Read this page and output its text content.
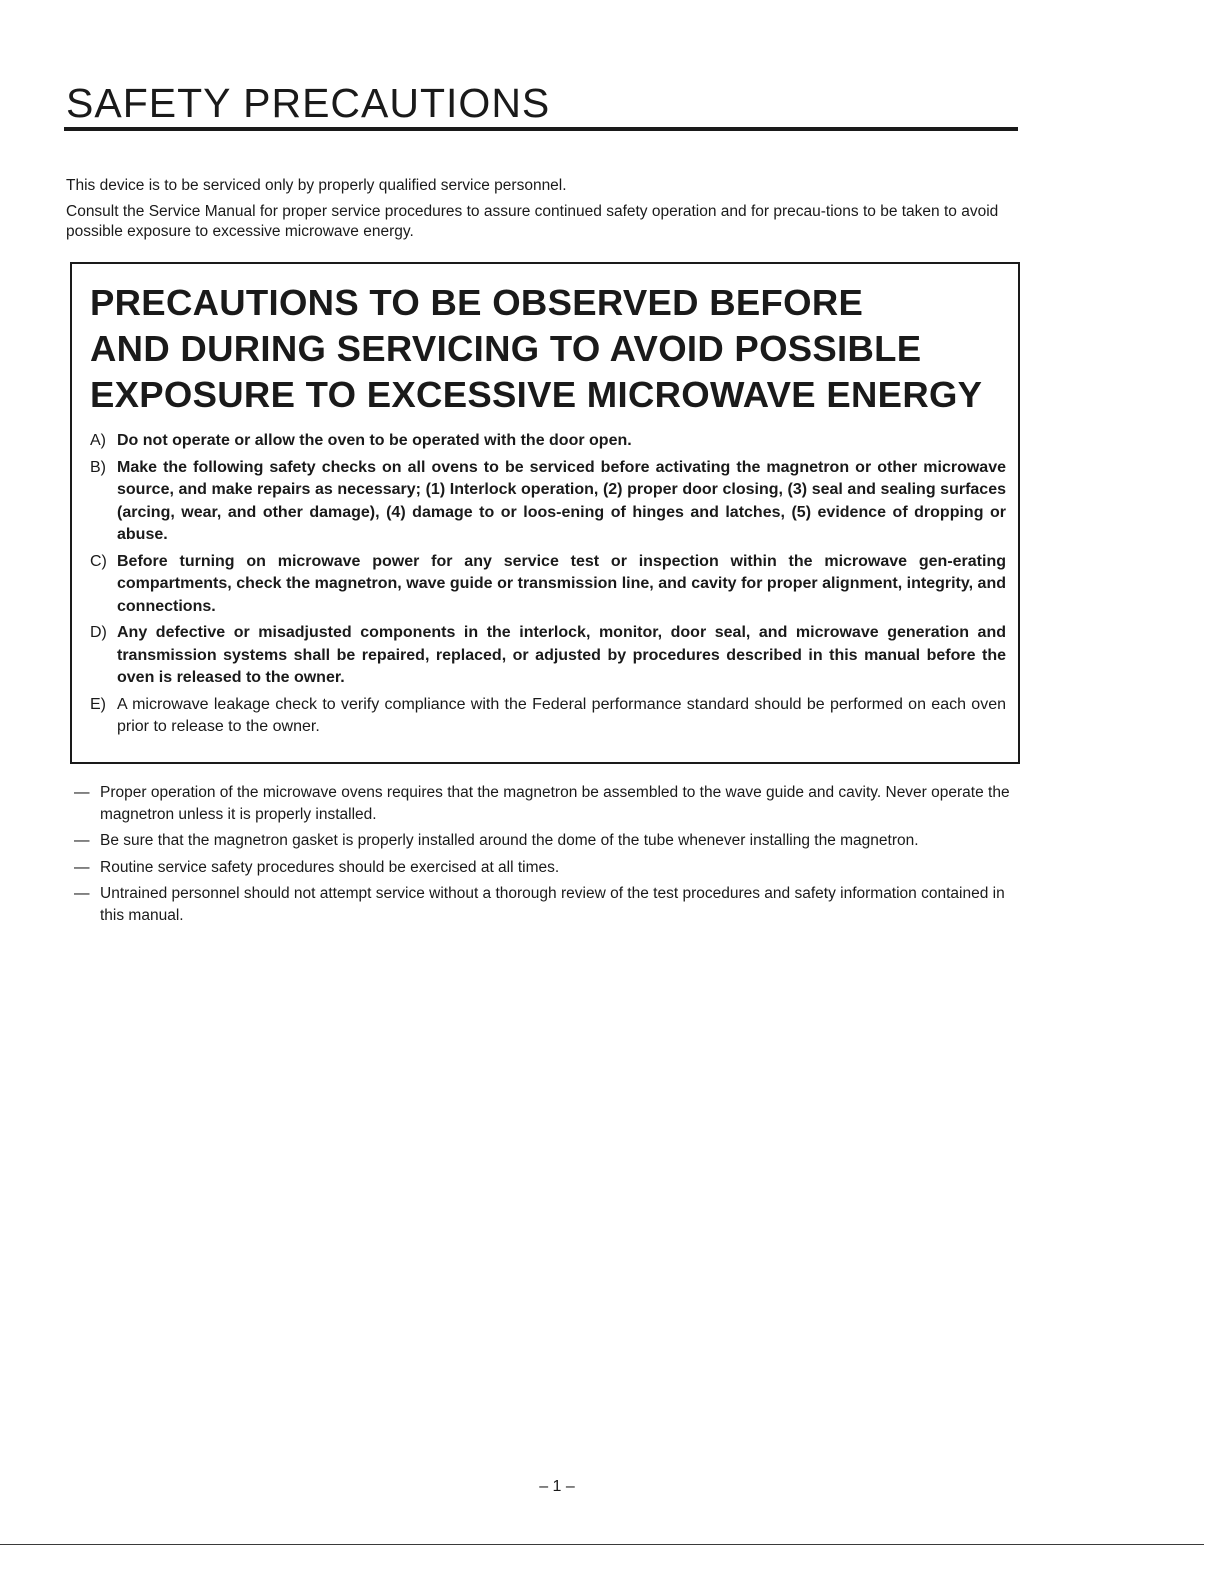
SAFETY PRECAUTIONS

This device is to be serviced only by properly qualified service personnel.

Consult the Service Manual for proper service procedures to assure continued safety operation and for precau-tions to be taken to avoid possible exposure to excessive microwave energy.

PRECAUTIONS TO BE OBSERVED BEFORE
AND DURING SERVICING TO AVOID POSSIBLE
EXPOSURE TO EXCESSIVE MICROWAVE ENERGY
A) Do not operate or allow the oven to be operated with the door open.
B) Make the following safety checks on all ovens to be serviced before activating the magnetron or other microwave source, and make repairs as necessary; (1) Interlock operation, (2) proper door closing, (3) seal and sealing surfaces (arcing, wear, and other damage), (4) damage to or loos-ening of hinges and latches, (5) evidence of dropping or abuse.
C) Before turning on microwave power for any service test or inspection within the microwave gen-erating compartments, check the magnetron, wave guide or transmission line, and cavity for proper alignment, integrity, and connections.
D) Any defective or misadjusted components in the interlock, monitor, door seal, and microwave generation and transmission systems shall be repaired, replaced, or adjusted by procedures described in this manual before the oven is released to the owner.
E) A microwave leakage check to verify compliance with the Federal performance standard should be performed on each oven prior to release to the owner.
— Proper operation of the microwave ovens requires that the magnetron be assembled to the wave guide and cavity. Never operate the magnetron unless it is properly installed.
— Be sure that the magnetron gasket is properly installed around the dome of the tube whenever installing the magnetron.
— Routine service safety procedures should be exercised at all times.
— Untrained personnel should not attempt service without a thorough review of the test procedures and safety information contained in this manual.
– 1 –
